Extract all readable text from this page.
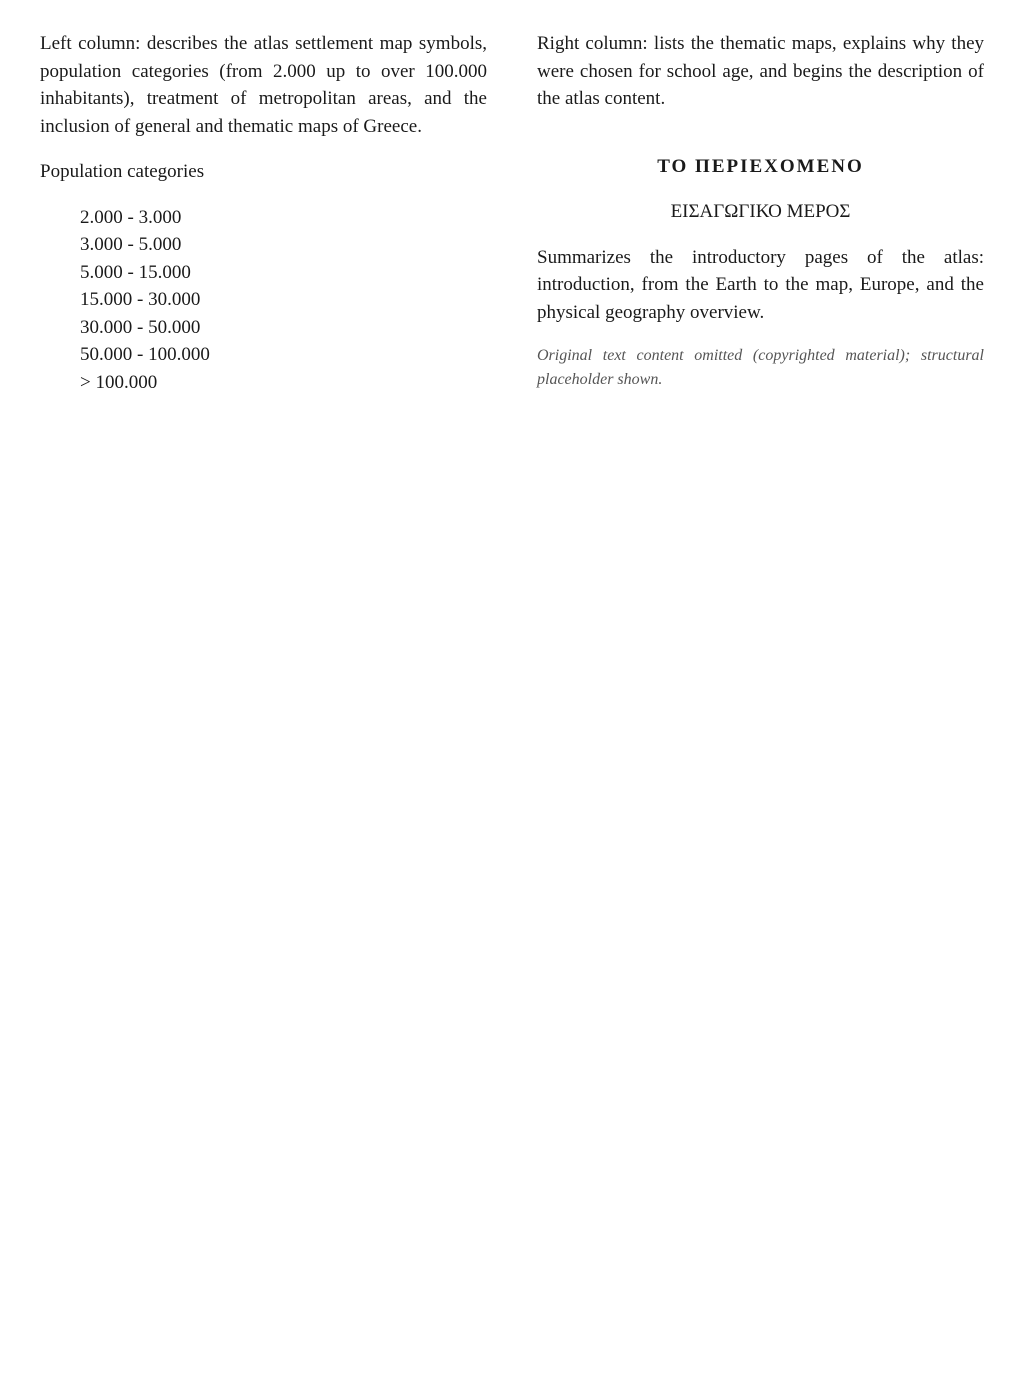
Left column: describes the atlas settlement map symbols, population categories (from 2.000 up to over 100.000 inhabitants), treatment of metropolitan areas, and the inclusion of general and thematic maps of Greece.

Population categories

2.000 - 3.000
3.000 - 5.000
5.000 - 15.000
15.000 - 30.000
30.000 - 50.000
50.000 - 100.000
> 100.000

Right column: lists the thematic maps, explains why they were chosen for school age, and begins the description of the atlas content.

ΤΟ ΠΕΡΙΕΧΟΜΕΝΟ
ΕΙΣΑΓΩΓΙΚΟ ΜΕΡΟΣ

Summarizes the introductory pages of the atlas: introduction, from the Earth to the map, Europe, and the physical geography overview.

Original text content omitted (copyrighted material); structural placeholder shown.
